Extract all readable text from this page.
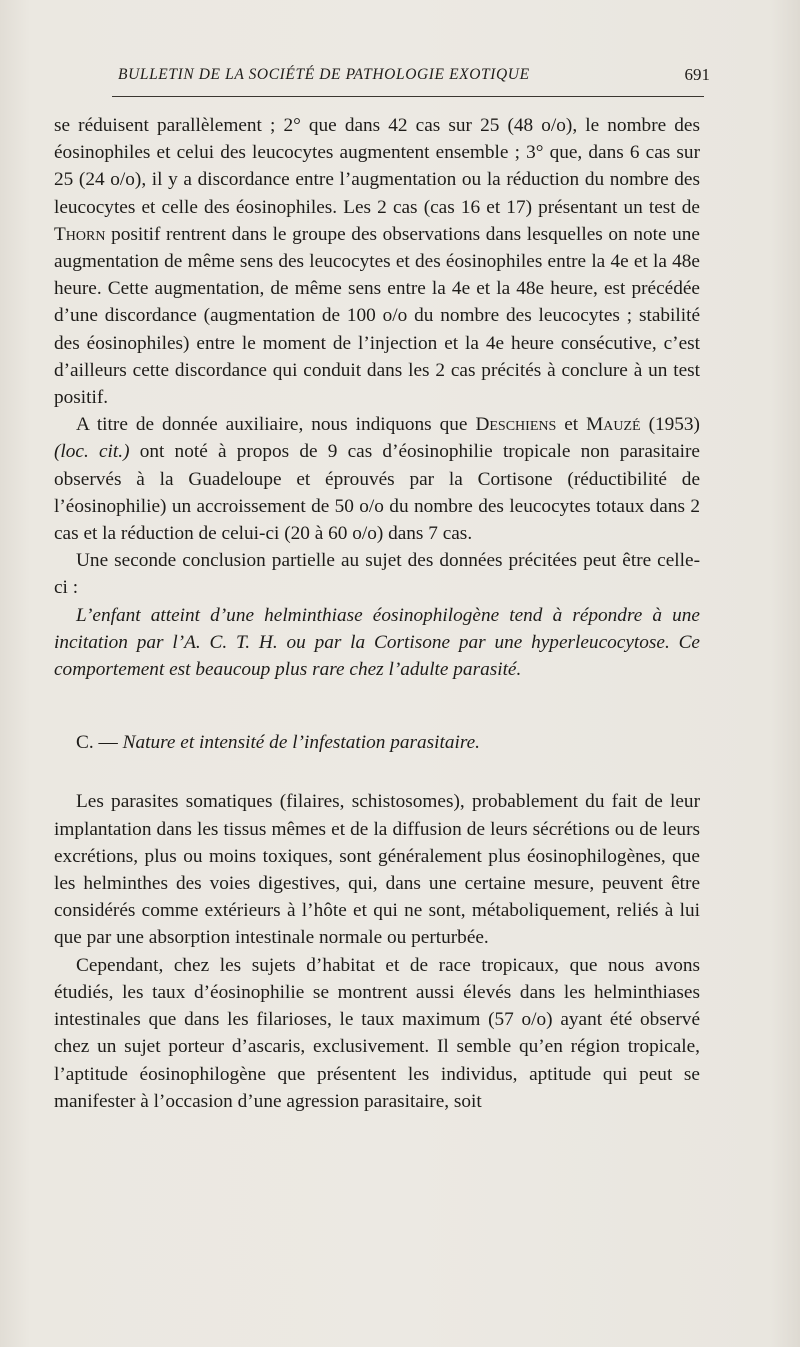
BULLETIN DE LA SOCIÉTÉ DE PATHOLOGIE EXOTIQUE	691

se réduisent parallèlement ; 2° que dans 42 cas sur 25 (48 o/o), le nombre des éosinophiles et celui des leucocytes augmentent ensemble ; 3° que, dans 6 cas sur 25 (24 o/o), il y a discordance entre l’augmentation ou la réduction du nombre des leucocytes et celle des éosinophiles. Les 2 cas (cas 16 et 17) présentant un test de Thorn positif rentrent dans le groupe des observations dans lesquelles on note une augmentation de même sens des leucocytes et des éosinophiles entre la 4e et la 48e heure. Cette augmentation, de même sens entre la 4e et la 48e heure, est précédée d’une discordance (augmentation de 100 o/o du nombre des leucocytes ; stabilité des éosinophiles) entre le moment de l’injection et la 4e heure consécutive, c’est d’ailleurs cette discordance qui conduit dans les 2 cas précités à conclure à un test positif.

A titre de donnée auxiliaire, nous indiquons que Deschiens et Mauzé (1953) (loc. cit.) ont noté à propos de 9 cas d’éosinophilie tropicale non parasitaire observés à la Guadeloupe et éprouvés par la Cortisone (réductibilité de l’éosinophilie) un accroissement de 50 o/o du nombre des leucocytes totaux dans 2 cas et la réduction de celui-ci (20 à 60 o/o) dans 7 cas.

Une seconde conclusion partielle au sujet des données précitées peut être celle-ci :

L’enfant atteint d’une helminthiase éosinophilogène tend à répondre à une incitation par l’A. C. T. H. ou par la Cortisone par une hyperleucocytose. Ce comportement est beaucoup plus rare chez l’adulte parasité.

C. — Nature et intensité de l’infestation parasitaire.

Les parasites somatiques (filaires, schistosomes), probablement du fait de leur implantation dans les tissus mêmes et de la diffusion de leurs sécrétions ou de leurs excrétions, plus ou moins toxiques, sont généralement plus éosinophilogènes, que les helminthes des voies digestives, qui, dans une certaine mesure, peuvent être considérés comme extérieurs à l’hôte et qui ne sont, métaboliquement, reliés à lui que par une absorption intestinale normale ou perturbée.

Cependant, chez les sujets d’habitat et de race tropicaux, que nous avons étudiés, les taux d’éosinophilie se montrent aussi élevés dans les helminthiases intestinales que dans les filarioses, le taux maximum (57 o/o) ayant été observé chez un sujet porteur d’ascaris, exclusivement. Il semble qu’en région tropicale, l’aptitude éosinophilogène que présentent les individus, aptitude qui peut se manifester à l’occasion d’une agression parasitaire, soit
